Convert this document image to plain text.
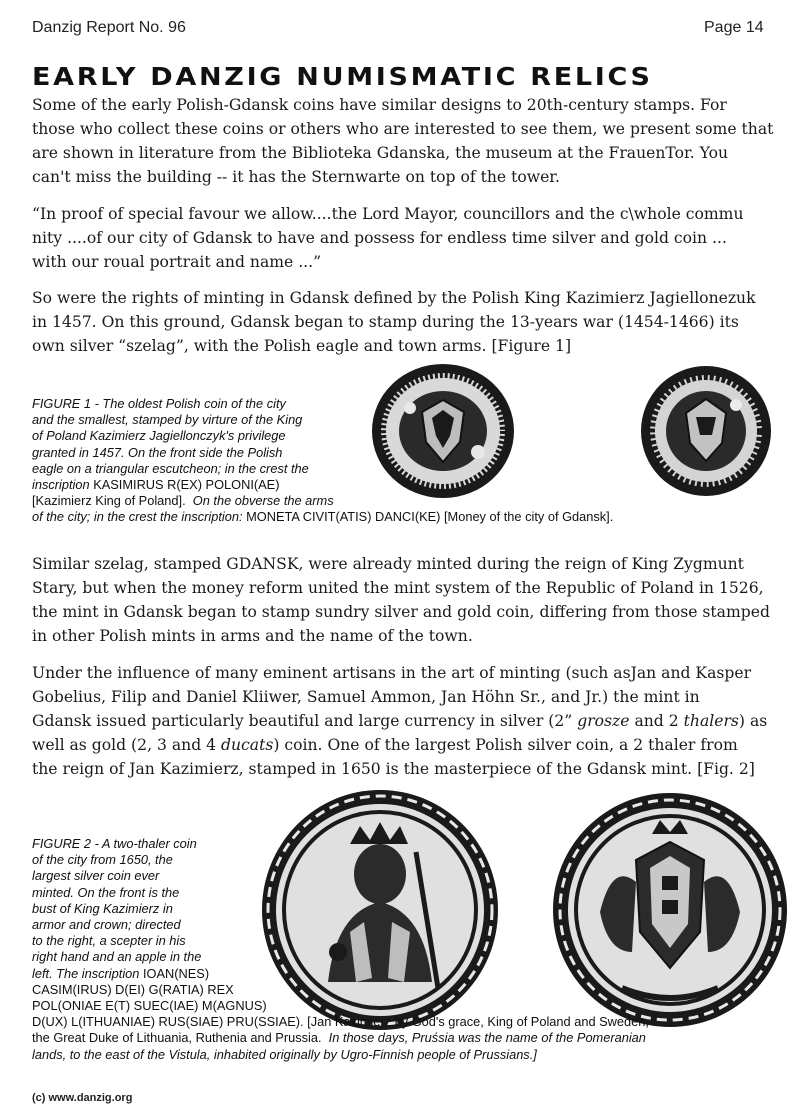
Danzig Report No. 96	Page 14
EARLY DANZIG NUMISMATIC RELICS

Some of the early Polish-Gdansk coins have similar designs to 20th-century stamps. For

those who collect these coins or others who are interested to see them, we present some that

are shown in literature from the Biblioteka Gdanska, the museum at the FrauenTor. You

can't miss the building -- it has the Sternwarte on top of the tower.

“In proof of special favour we allow....the Lord Mayor, councillors and the c\whole commu

nity ....of our city of Gdansk to have and possess for endless time silver and gold coin ...

with our roual portrait and name ...”

So were the rights of minting in Gdansk defined by the Polish King Kazimierz Jagiellonezuk

in 1457. On this ground, Gdansk began to stamp during the 13-years war (1454-1466) its

own silver “szelag”, with the Polish eagle and town arms. [Figure 1]

FIGURE 1 - The oldest Polish coin of the city

and the smallest, stamped by virture of the King

of Poland Kazimierz Jagiellonczyk's privilege

granted in 1457. On the front side the Polish

eagle on a triangular escutcheon; in the crest the

inscription KASIMIRUS R(EX) POLONI(AE)

[Kazimierz King of Poland]. On the obverse the arms

of the city; in the crest the inscription: MONETA CIVIT(ATIS) DANCI(KE) [Money of the city of Gdansk].

Similar szelag, stamped GDANSK, were already minted during the reign of King Zygmunt

Stary, but when the money reform united the mint system of the Republic of Poland in 1526,

the mint in Gdansk began to stamp sundry silver and gold coin, differing from those stamped

in other Polish mints in arms and the name of the town.

Under the influence of many eminent artisans in the art of minting (such asJan and Kasper

Gobelius, Filip and Daniel Kliiwer, Samuel Ammon, Jan Höhn Sr., and Jr.) the mint in

Gdansk issued particularly beautiful and large currency in silver (2” grosze and 2 thalers) as

well as gold (2, 3 and 4 ducats) coin. One of the largest Polish silver coin, a 2 thaler from

the reign of Jan Kazimierz, stamped in 1650 is the masterpiece of the Gdansk mint. [Fig. 2]

FIGURE 2 - A two-thaler coin

of the city from 1650, the

largest silver coin ever

minted. On the front is the

bust of King Kazimierz in

armor and crown; directed

to the right, a scepter in his

right hand and an apple in the

left. The inscription IOAN(NES)

CASIM(IRUS) D(EI) G(RATIA) REX

POL(ONIAE E(T) SUEC(IAE) M(AGNUS)

D(UX) L(ITHUANIAE) RUS(SIAE) PRU(SSIAE). [Jan Kazimierz by God's grace, King of Poland and Sweden,

the Great Duke of Lithuania, Ruthenia and Prussia. In those days, Pruśsia was the name of the Pomeranian

lands, to the east of the Vistula, inhabited originally by Ugro-Finnish people of Prussians.]

(c) www.danzig.org
